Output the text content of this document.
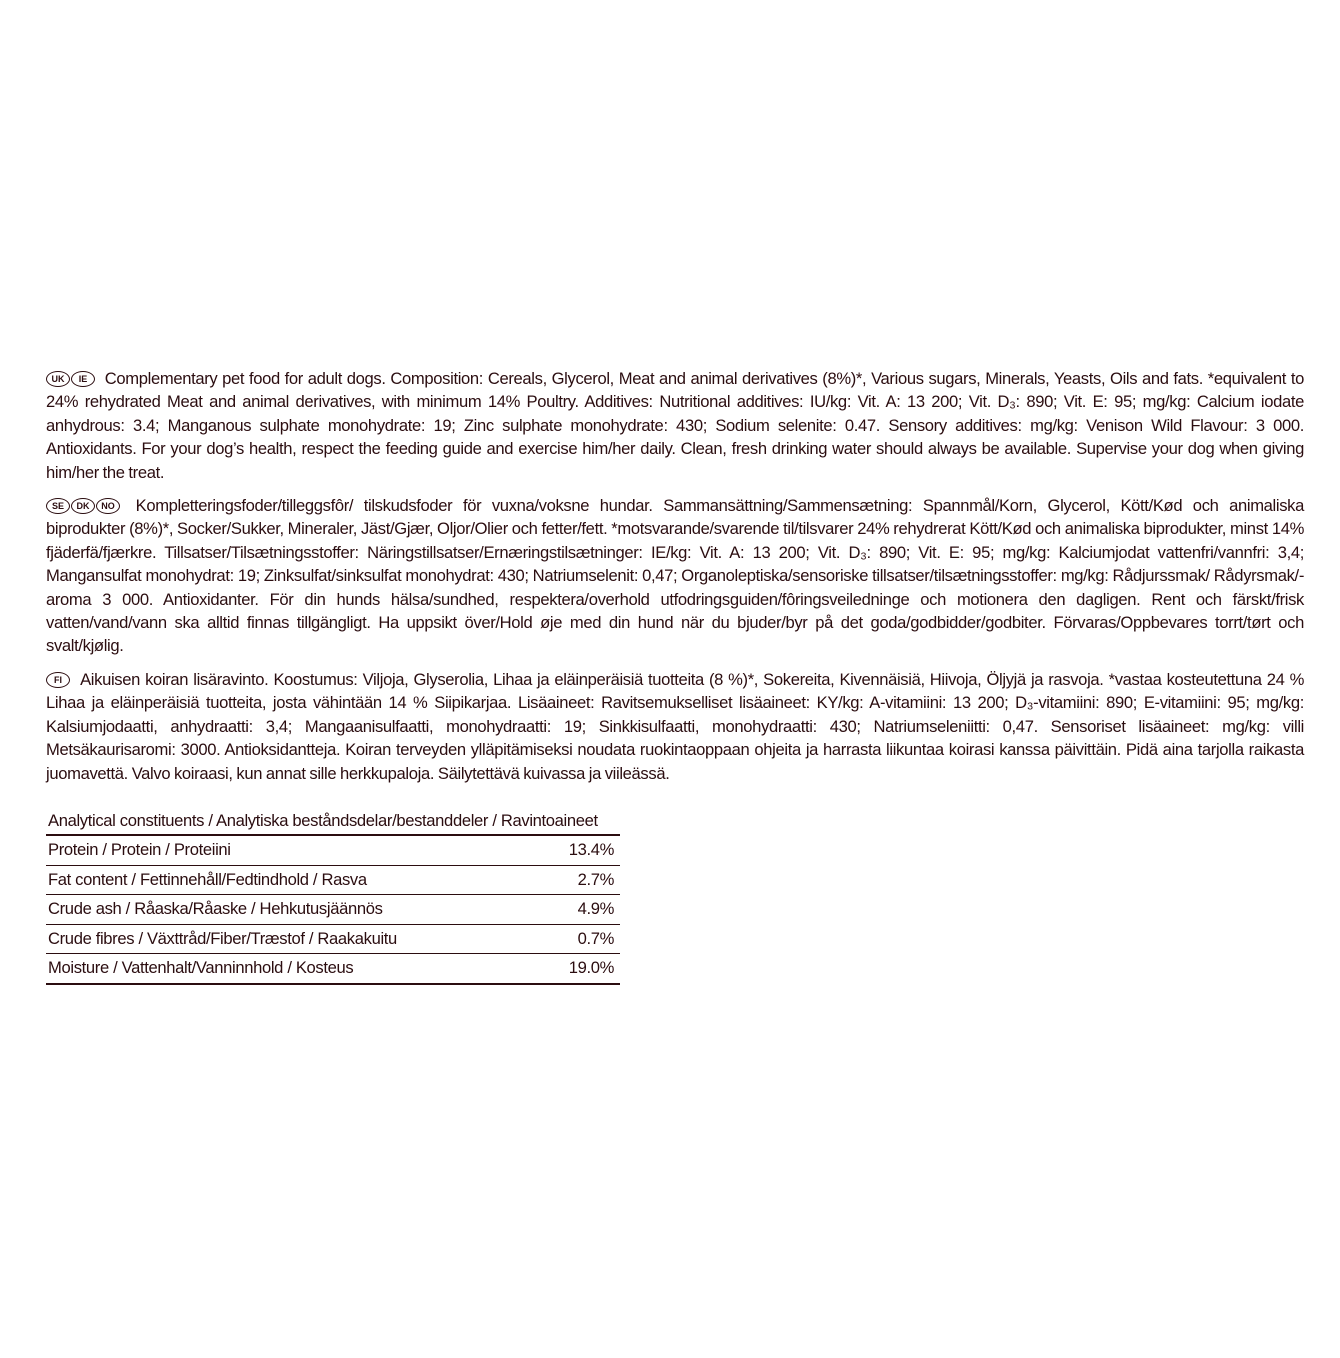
UK IE Complementary pet food for adult dogs. Composition: Cereals, Glycerol, Meat and animal derivatives (8%)*, Various sugars, Minerals, Yeasts, Oils and fats. *equivalent to 24% rehydrated Meat and animal derivatives, with minimum 14% Poultry. Additives: Nutritional additives: IU/kg: Vit. A: 13 200; Vit. D₃: 890; Vit. E: 95; mg/kg: Calcium iodate anhydrous: 3.4; Manganous sulphate monohydrate: 19; Zinc sulphate monohydrate: 430; Sodium selenite: 0.47. Sensory additives: mg/kg: Venison Wild Flavour: 3 000. Antioxidants. For your dog’s health, respect the feeding guide and exercise him/her daily. Clean, fresh drinking water should always be available. Supervise your dog when giving him/her the treat.

SE DK NO Kompletteringsfoder/tilleggsfôr/ tilskudsfoder för vuxna/voksne hundar. Sammansättning/Sammensætning: Spannmål/Korn, Glycerol, Kött/Kød och animaliska biprodukter (8%)*, Socker/Sukker, Mineraler, Jäst/Gjær, Oljor/Olier och fetter/fett. *motsvarande/svarende til/tilsvarer 24% rehydrerat Kött/Kød och animaliska biprodukter, minst 14% fjäderfä/fjærkre. Tillsatser/Tilsætningsstoffer: Näringstillsatser/Ernæringstilsætninger: IE/kg: Vit. A: 13 200; Vit. D₃: 890; Vit. E: 95; mg/kg: Kalciumjodat vattenfri/vannfri: 3,4; Mangansulfat monohydrat: 19; Zinksulfat/sinksulfat monohydrat: 430; Natriumselenit: 0,47; Organoleptiska/sensoriske tillsatser/tilsætningsstoffer: mg/kg: Rådjurssmak/ Rådyrsmak/-aroma 3 000. Antioxidanter. För din hunds hälsa/sundhed, respektera/overhold utfodringsguiden/fôringsveiledninge och motionera den dagligen. Rent och färskt/frisk vatten/vand/vann ska alltid finnas tillgängligt. Ha uppsikt över/Hold øje med din hund när du bjuder/byr på det goda/godbidder/godbiter. Förvaras/Oppbevares torrt/tørt och svalt/kjølig.

FI Aikuisen koiran lisäravinto. Koostumus: Viljoja, Glyserolia, Lihaa ja eläinperäisiä tuotteita (8 %)*, Sokereita, Kivennäisiä, Hiivoja, Öljyjä ja rasvoja. *vastaa kosteutettuna 24 % Lihaa ja eläinperäisiä tuotteita, josta vähintään 14 % Siipikarjaa. Lisäaineet: Ravitsemukselliset lisäaineet: KY/kg: A-vitamiini: 13 200; D₃-vitamiini: 890; E-vitamiini: 95; mg/kg: Kalsiumjodaatti, anhydraatti: 3,4; Mangaanisulfaatti, monohydraatti: 19; Sinkkisulfaatti, monohydraatti: 430; Natriumseleniitti: 0,47. Sensoriset lisäaineet: mg/kg: villi Metsäkaurisaromi: 3000. Antioksidantteja. Koiran terveyden ylläpitämiseksi noudata ruokintaoppaan ohjeita ja harrasta liikuntaa koirasi kanssa päivittäin. Pidä aina tarjolla raikasta juomavettä. Valvo koiraasi, kun annat sille herkkupaloja. Säilytettävä kuivassa ja viileässä.

Analytical constituents / Analytiska beståndsdelar/bestanddeler / Ravintoaineet
Protein / Protein / Proteiini	13.4%
Fat content / Fettinnehåll/Fedtindhold / Rasva	2.7%
Crude ash / Råaska/Råaske / Hehkutusjäännös	4.9%
Crude fibres / Växttråd/Fiber/Træstof / Raakakuitu	0.7%
Moisture / Vattenhalt/Vanninnhold / Kosteus	19.0%
